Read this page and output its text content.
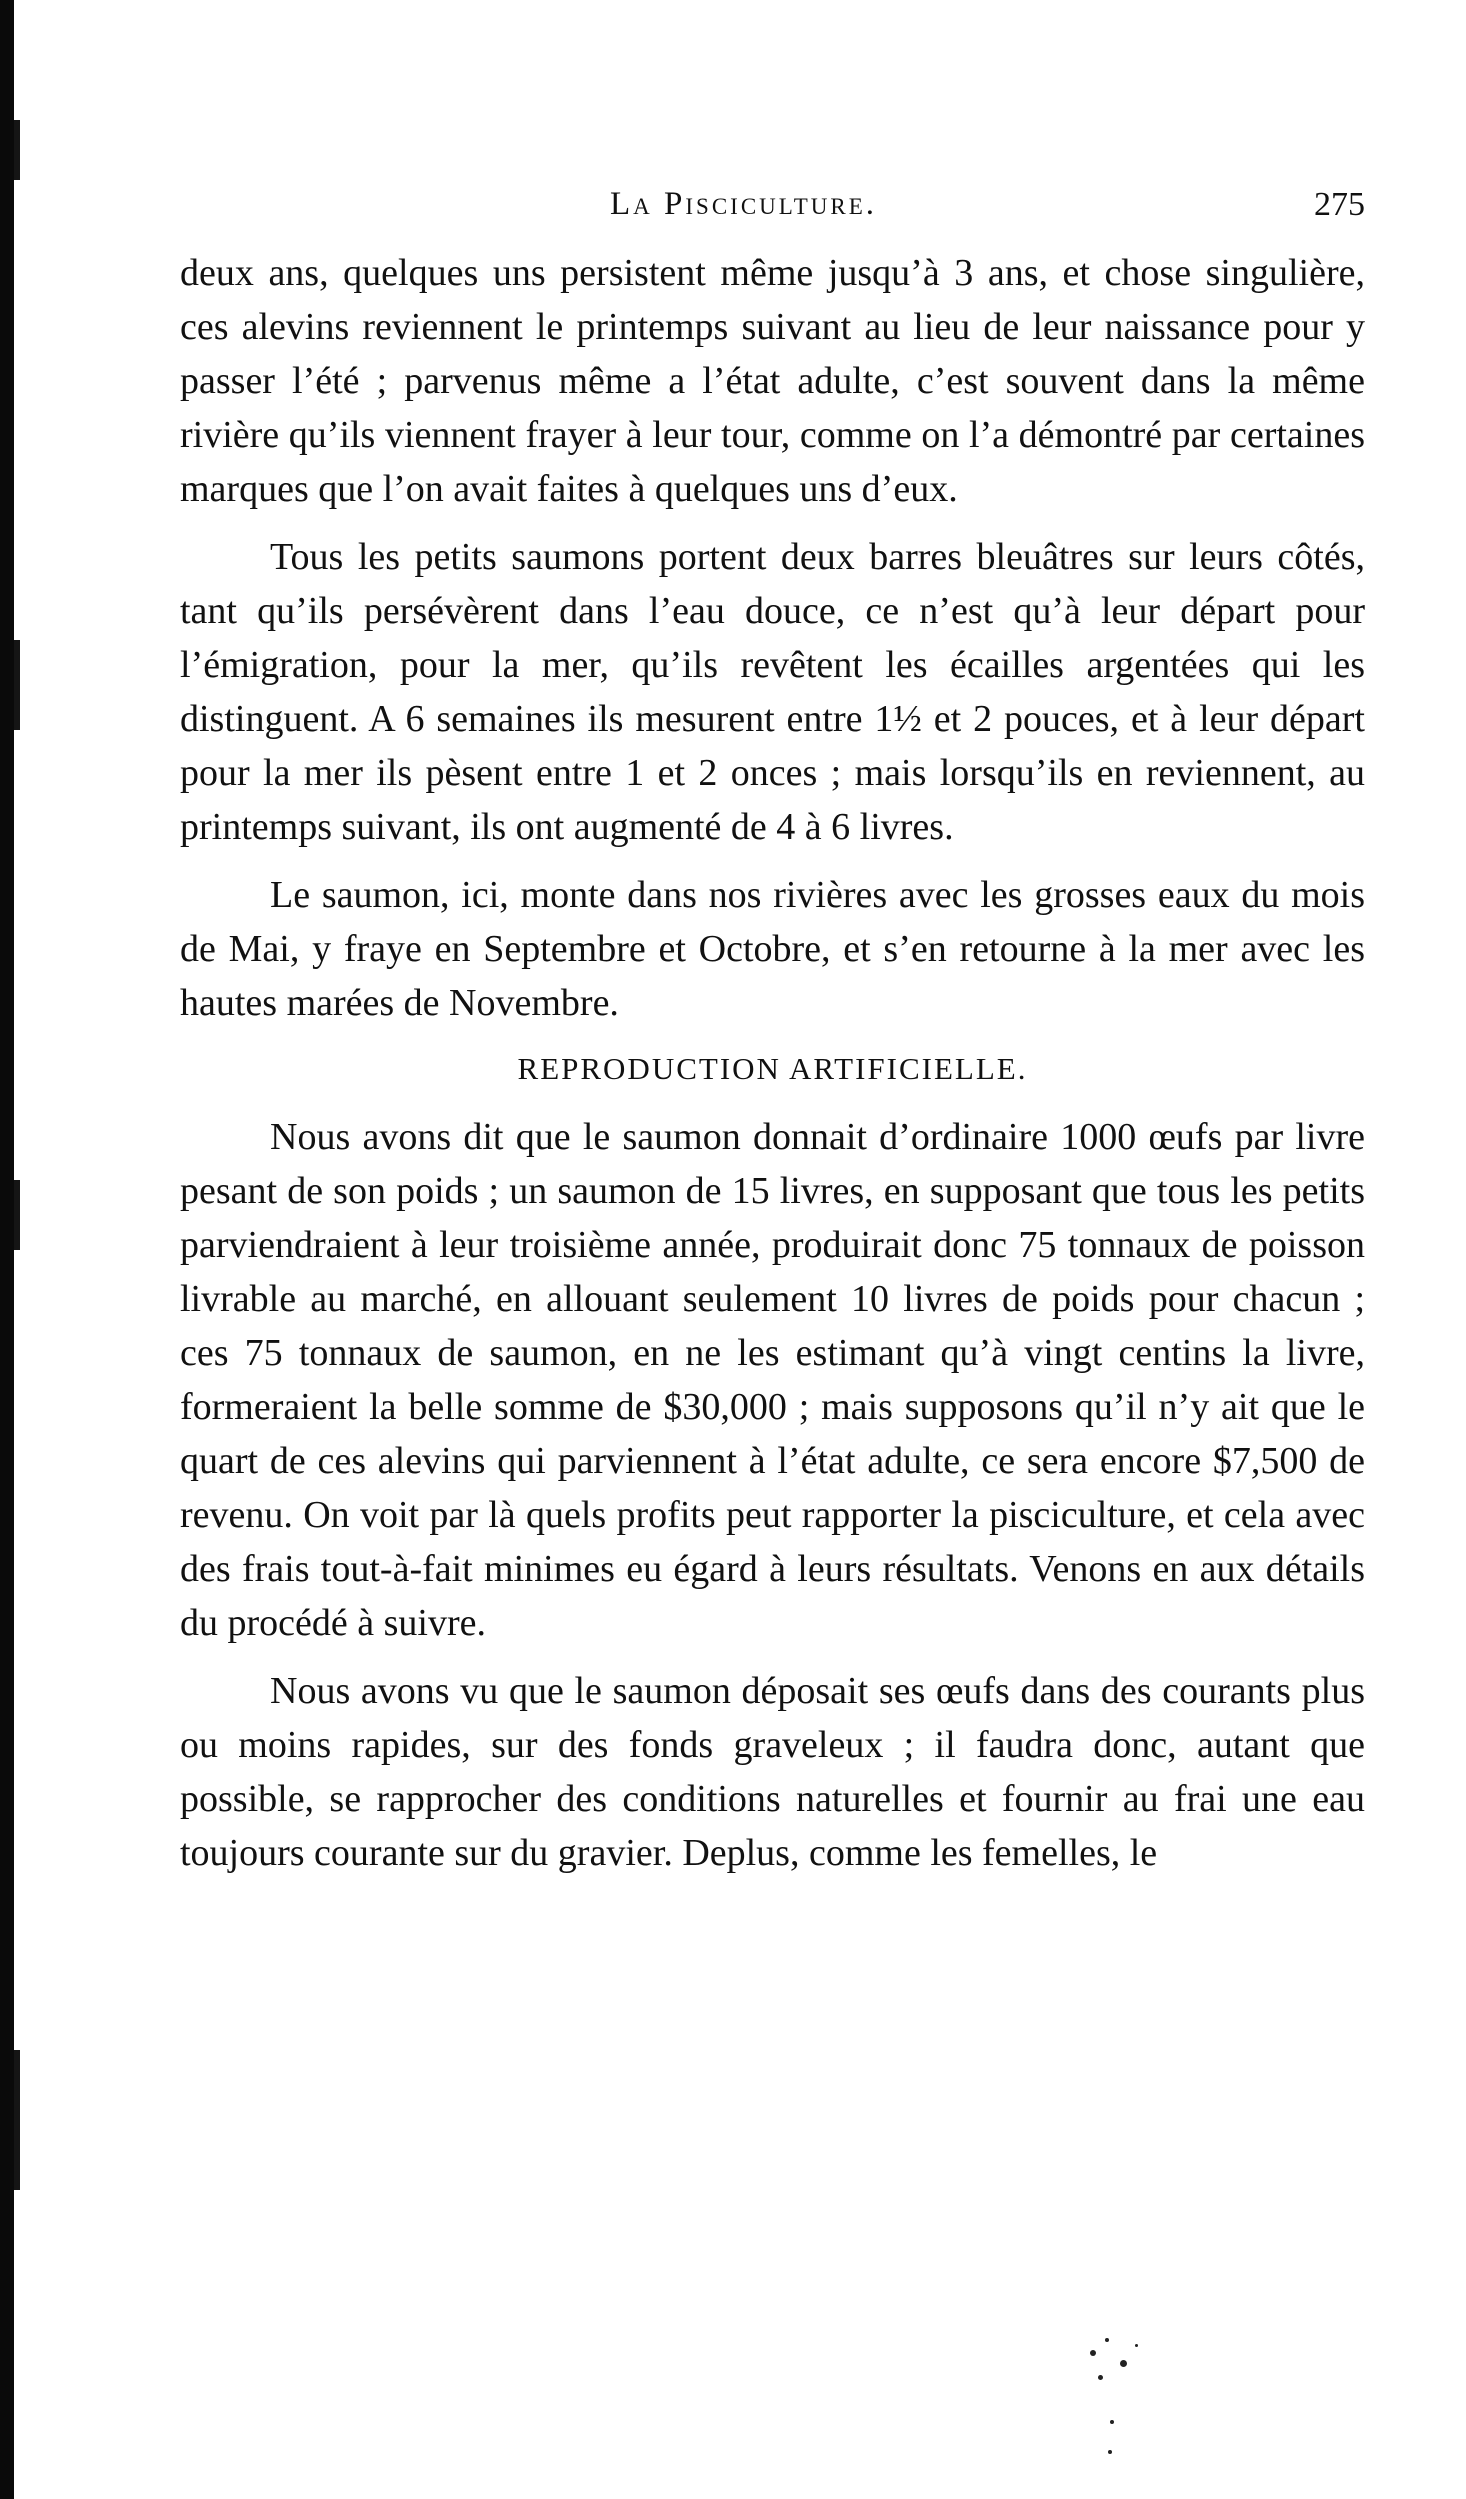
La Pisciculture.	275

deux ans, quelques uns persistent même jusqu’à 3 ans, et chose singulière, ces alevins reviennent le printemps suivant au lieu de leur naissance pour y passer l’été ; parvenus même a l’état adulte, c’est souvent dans la même rivière qu’ils viennent frayer à leur tour, comme on l’a démontré par certaines marques que l’on avait faites à quelques uns d’eux.

Tous les petits saumons portent deux barres bleuâtres sur leurs côtés, tant qu’ils persévèrent dans l’eau douce, ce n’est qu’à leur départ pour l’émigration, pour la mer, qu’ils revêtent les écailles argentées qui les distinguent. A 6 semaines ils mesurent entre 1½ et 2 pouces, et à leur départ pour la mer ils pèsent entre 1 et 2 onces ; mais lorsqu’ils en reviennent, au printemps suivant, ils ont augmenté de 4 à 6 livres.

Le saumon, ici, monte dans nos rivières avec les grosses eaux du mois de Mai, y fraye en Septembre et Octobre, et s’en retourne à la mer avec les hautes marées de Novembre.

REPRODUCTION ARTIFICIELLE.

Nous avons dit que le saumon donnait d’ordinaire 1000 œufs par livre pesant de son poids ; un saumon de 15 livres, en supposant que tous les petits parviendraient à leur troisième année, produirait donc 75 tonnaux de poisson livrable au marché, en allouant seulement 10 livres de poids pour chacun ; ces 75 tonnaux de saumon, en ne les estimant qu’à vingt centins la livre, formeraient la belle somme de $30,000 ; mais supposons qu’il n’y ait que le quart de ces alevins qui parviennent à l’état adulte, ce sera encore $7,500 de revenu. On voit par là quels profits peut rapporter la pisciculture, et cela avec des frais tout-à-fait minimes eu égard à leurs résultats. Venons en aux détails du procédé à suivre.

Nous avons vu que le saumon déposait ses œufs dans des courants plus ou moins rapides, sur des fonds graveleux ; il faudra donc, autant que possible, se rapprocher des conditions naturelles et fournir au frai une eau toujours courante sur du gravier. Deplus, comme les femelles, le
